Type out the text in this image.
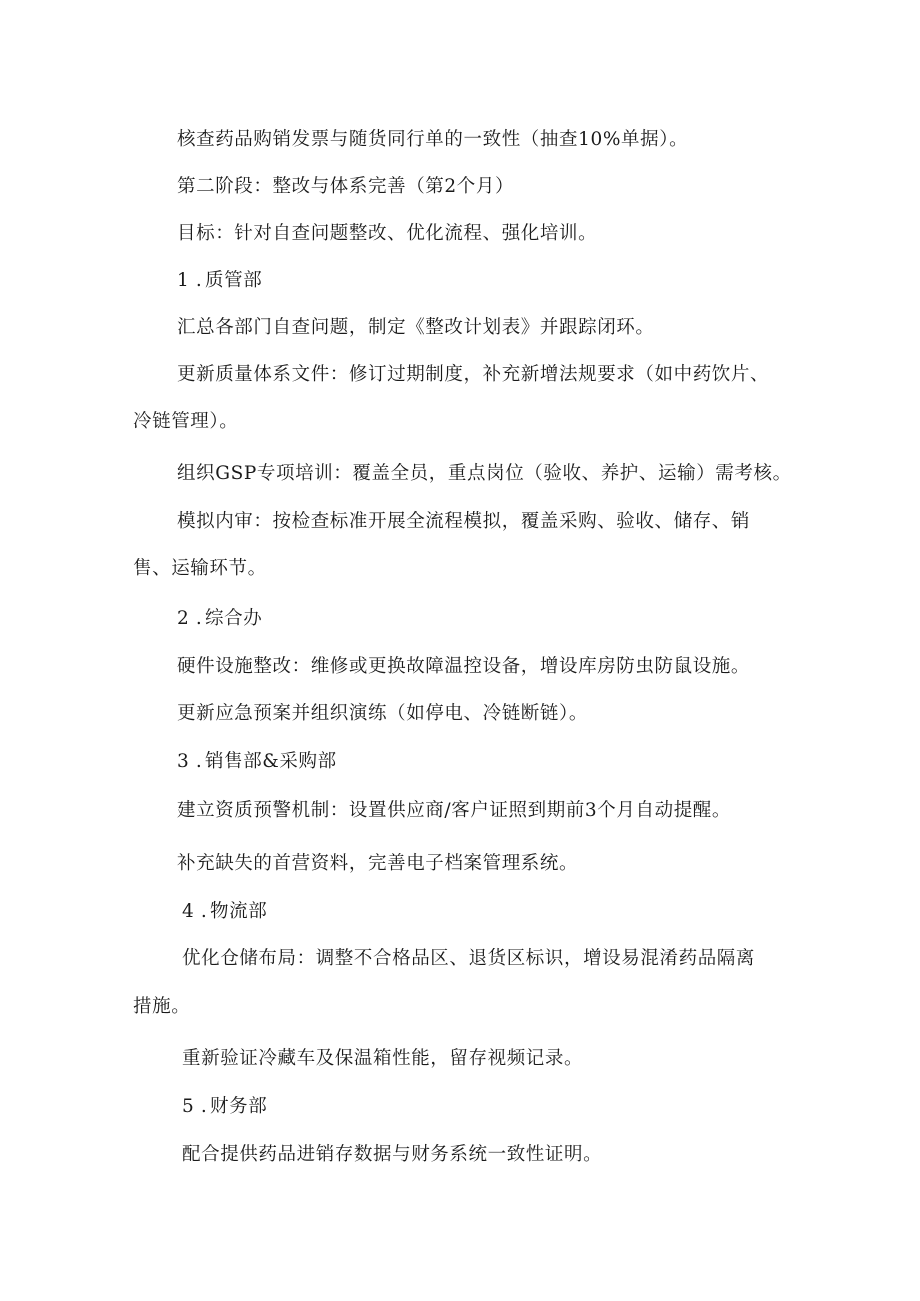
核查药品购销发票与随货同行单的一致性（抽查10%单据）。
第二阶段：整改与体系完善（第2个月）
目标：针对自查问题整改、优化流程、强化培训。
1 . 质管部
汇总各部门自查问题，制定《整改计划表》并跟踪闭环。
更新质量体系文件：修订过期制度，补充新增法规要求（如中药饮片、
冷链管理）。
组织GSP专项培训：覆盖全员，重点岗位（验收、养护、运输）需考核。
模拟内审：按检查标准开展全流程模拟，覆盖采购、验收、储存、销
售、运输环节。
2 . 综合办
硬件设施整改：维修或更换故障温控设备，增设库房防虫防鼠设施。
更新应急预案并组织演练（如停电、冷链断链）。
3 . 销售部&采购部
建立资质预警机制：设置供应商/客户证照到期前3个月自动提醒。
补充缺失的首营资料，完善电子档案管理系统。
4 . 物流部
优化仓储布局：调整不合格品区、退货区标识，增设易混淆药品隔离
措施。
重新验证冷藏车及保温箱性能，留存视频记录。
5 . 财务部
配合提供药品进销存数据与财务系统一致性证明。
